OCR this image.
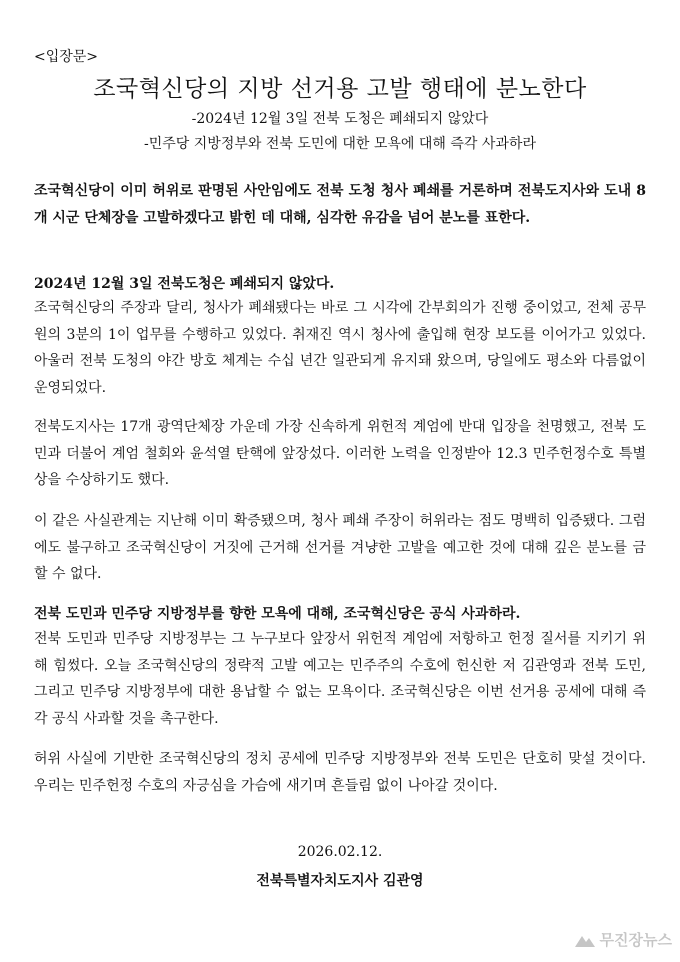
<입장문>
조국혁신당의 지방 선거용 고발 행태에 분노한다
-2024년 12월 3일 전북 도청은 폐쇄되지 않았다
-민주당 지방정부와 전북 도민에 대한 모욕에 대해 즉각 사과하라
조국혁신당이 이미 허위로 판명된 사안임에도 전북 도청 청사 폐쇄를 거론하며 전북도지사와 도내 8개 시군 단체장을 고발하겠다고 밝힌 데 대해, 심각한 유감을 넘어 분노를 표한다.
2024년 12월 3일 전북도청은 폐쇄되지 않았다.
조국혁신당의 주장과 달리, 청사가 폐쇄됐다는 바로 그 시각에 간부회의가 진행 중이었고, 전체 공무원의 3분의 1이 업무를 수행하고 있었다. 취재진 역시 청사에 출입해 현장 보도를 이어가고 있었다. 아울러 전북 도청의 야간 방호 체계는 수십 년간 일관되게 유지돼 왔으며, 당일에도 평소와 다름없이 운영되었다.
전북도지사는 17개 광역단체장 가운데 가장 신속하게 위헌적 계엄에 반대 입장을 천명했고, 전북 도민과 더불어 계엄 철회와 윤석열 탄핵에 앞장섰다. 이러한 노력을 인정받아 12.3 민주헌정수호 특별상을 수상하기도 했다.
이 같은 사실관계는 지난해 이미 확증됐으며, 청사 폐쇄 주장이 허위라는 점도 명백히 입증됐다. 그럼에도 불구하고 조국혁신당이 거짓에 근거해 선거를 겨냥한 고발을 예고한 것에 대해 깊은 분노를 금할 수 없다.
전북 도민과 민주당 지방정부를 향한 모욕에 대해, 조국혁신당은 공식 사과하라.
전북 도민과 민주당 지방정부는 그 누구보다 앞장서 위헌적 계엄에 저항하고 헌정 질서를 지키기 위해 힘썼다. 오늘 조국혁신당의 정략적 고발 예고는 민주주의 수호에 헌신한 저 김관영과 전북 도민, 그리고 민주당 지방정부에 대한 용납할 수 없는 모욕이다. 조국혁신당은 이번 선거용 공세에 대해 즉각 공식 사과할 것을 촉구한다.
허위 사실에 기반한 조국혁신당의 정치 공세에 민주당 지방정부와 전북 도민은 단호히 맞설 것이다. 우리는 민주헌정 수호의 자긍심을 가슴에 새기며 흔들림 없이 나아갈 것이다.
2026.02.12.
전북특별자치도지사 김관영
무진장뉴스
